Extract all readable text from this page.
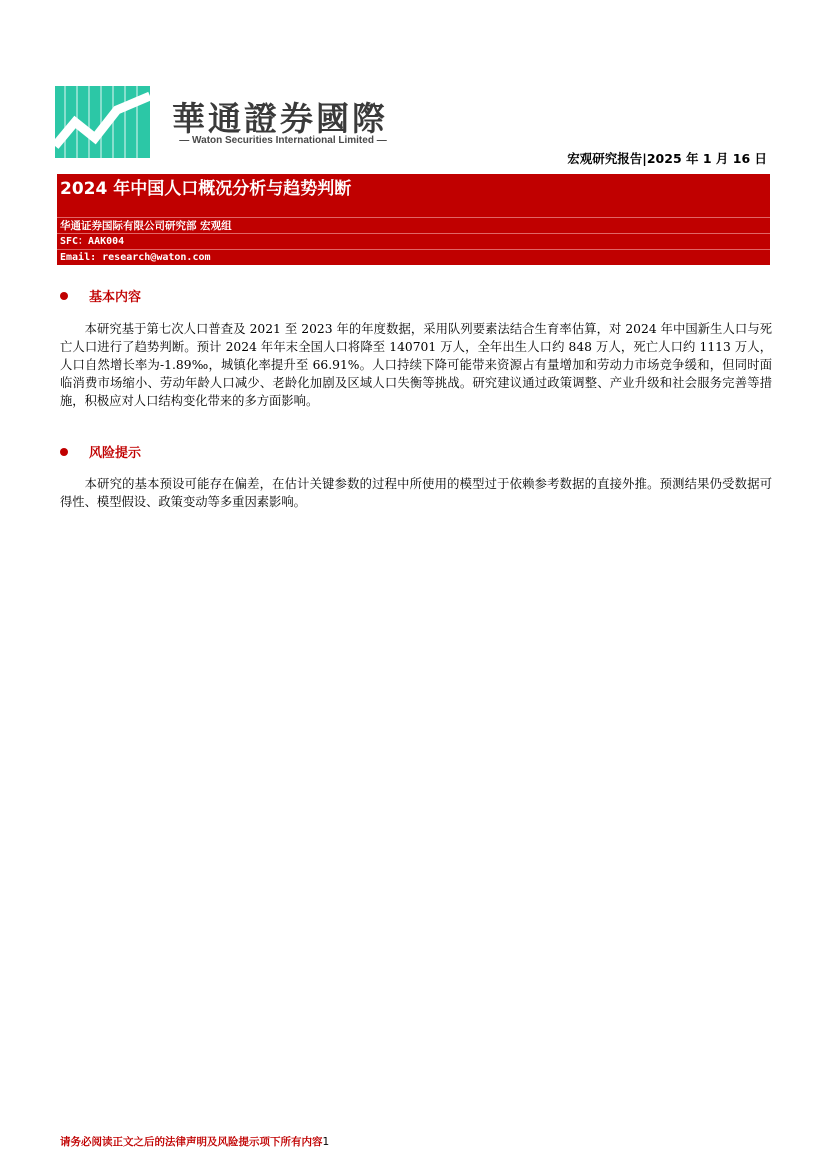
華通證券國際
— Waton Securities International Limited —
宏观研究报告|2025 年 1 月 16 日
2024 年中国人口概况分析与趋势判断
华通证券国际有限公司研究部 宏观组
SFC：AAK004
Email: research@waton.com
基本内容
本研究基于第七次人口普查及 2021 至 2023 年的年度数据，采用队列要素法结合生育率估算，对 2024 年中国新生人口与死亡人口进行了趋势判断。预计 2024 年年末全国人口将降至 140701 万人，全年出生人口约 848 万人，死亡人口约 1113 万人，人口自然增长率为-1.89‰，城镇化率提升至 66.91%。人口持续下降可能带来资源占有量增加和劳动力市场竞争缓和，但同时面临消费市场缩小、劳动年龄人口减少、老龄化加剧及区域人口失衡等挑战。研究建议通过政策调整、产业升级和社会服务完善等措施，积极应对人口结构变化带来的多方面影响。
风险提示
本研究的基本预设可能存在偏差，在估计关键参数的过程中所使用的模型过于依赖参考数据的直接外推。预测结果仍受数据可得性、模型假设、政策变动等多重因素影响。
请务必阅读正文之后的法律声明及风险提示项下所有内容1
